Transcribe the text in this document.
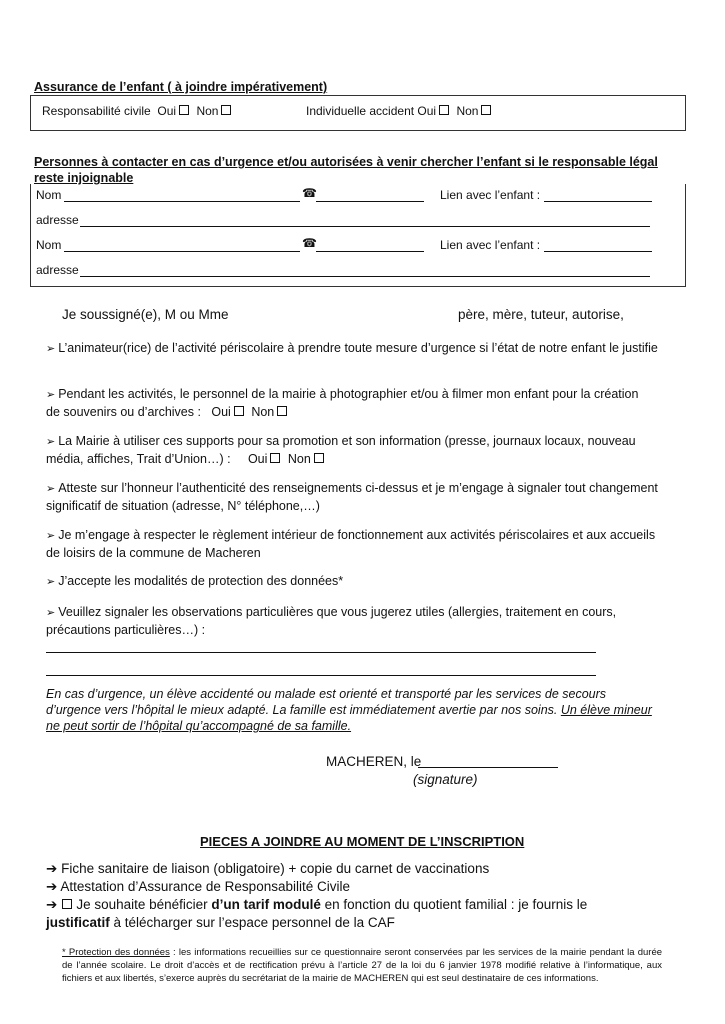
Assurance de l’enfant ( à joindre impérativement)
Responsabilité civile Oui Non	Individuelle accident Oui Non
Personnes à contacter en cas d’urgence et/ou autorisées à venir chercher l’enfant si le responsable légal
reste injoignable
Nom	☎	Lien avec l’enfant :
adresse
Nom	☎	Lien avec l’enfant :
adresse
Je soussigné(e), M ou Mme	père, mère, tuteur, autorise,
➢ L’animateur(rice) de l’activité périscolaire à prendre toute mesure d’urgence si l’état de notre enfant le justifie
➢ Pendant les activités, le personnel de la mairie à photographier et/ou à filmer mon enfant pour la création
de souvenirs ou d’archives : Oui Non
➢ La Mairie à utiliser ces supports pour sa promotion et son information (presse, journaux locaux, nouveau
média, affiches, Trait d’Union…) : Oui Non
➢ Atteste sur l’honneur l’authenticité des renseignements ci-dessus et je m’engage à signaler tout changement significatif de situation (adresse, N° téléphone,…)
➢ Je m’engage à respecter le règlement intérieur de fonctionnement aux activités périscolaires et aux accueils de loisirs de la commune de Macheren
➢ J’accepte les modalités de protection des données*
➢ Veuillez signaler les observations particulières que vous jugerez utiles (allergies, traitement en cours, précautions particulières…) :
En cas d’urgence, un élève accidenté ou malade est orienté et transporté par les services de secours d’urgence vers l’hôpital le mieux adapté. La famille est immédiatement avertie par nos soins. Un élève mineur ne peut sortir de l’hôpital qu’accompagné de sa famille.
MACHEREN, le
(signature)
PIECES A JOINDRE AU MOMENT DE L’INSCRIPTION
➔ Fiche sanitaire de liaison (obligatoire) + copie du carnet de vaccinations
➔ Attestation d’Assurance de Responsabilité Civile
➔ Je souhaite bénéficier d’un tarif modulé en fonction du quotient familial : je fournis le
justificatif à télécharger sur l’espace personnel de la CAF
* Protection des données : les informations recueillies sur ce questionnaire seront conservées par les services de la mairie pendant la durée de l’année scolaire. Le droit d’accès et de rectification prévu à l’article 27 de la loi du 6 janvier 1978 modifié relative à l’informatique, aux fichiers et aux libertés, s’exerce auprès du secrétariat de la mairie de MACHEREN qui est seul destinataire de ces informations.
